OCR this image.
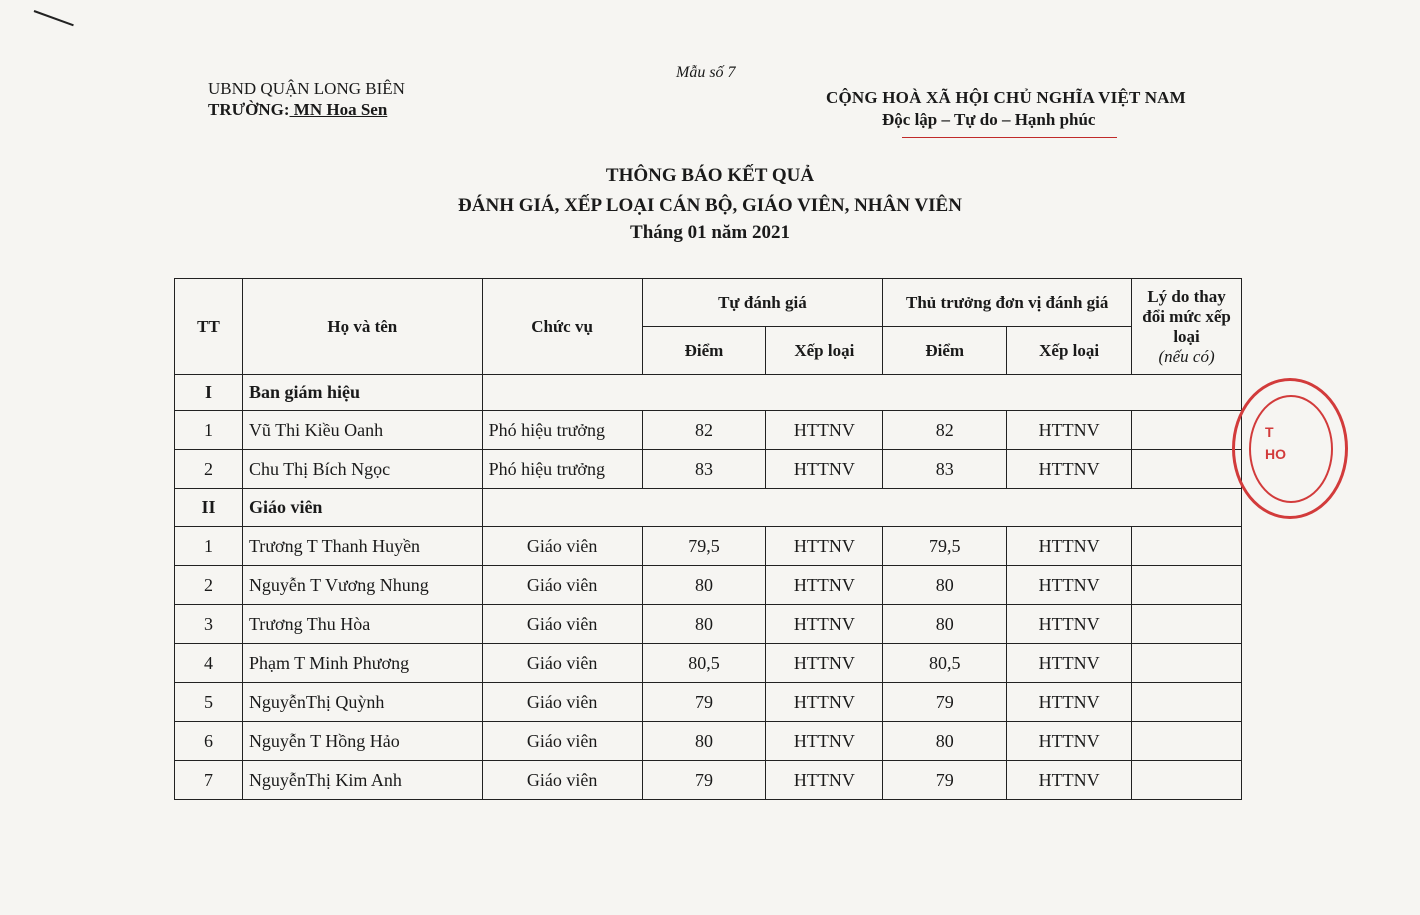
Mẫu số 7
UBND QUẬN LONG BIÊN
TRƯỜNG: MN Hoa Sen
CỘNG HOÀ XÃ HỘI CHỦ NGHĨA VIỆT NAM
Độc lập – Tự do – Hạnh phúc
THÔNG BÁO KẾT QUẢ
ĐÁNH GIÁ, XẾP LOẠI CÁN BỘ, GIÁO VIÊN, NHÂN VIÊN
Tháng 01 năm 2021
TT	Họ và tên	Chức vụ	Tự đánh giá		Thủ trưởng đơn vị đánh giá		Lý do thay đổi mức xếp loại
(nếu có)
			Điểm	Xếp loại	Điểm	Xếp loại	
I	Ban giám hiệu						
1	Vũ Thi Kiều Oanh	Phó hiệu trưởng	82	HTTNV	82	HTTNV	
2	Chu Thị Bích Ngọc	Phó hiệu trưởng	83	HTTNV	83	HTTNV	
II	Giáo viên						
1	Trương T Thanh Huyền	Giáo viên	79,5	HTTNV	79,5	HTTNV	
2	Nguyễn T Vương Nhung	Giáo viên	80	HTTNV	80	HTTNV	
3	Trương Thu Hòa	Giáo viên	80	HTTNV	80	HTTNV	
4	Phạm T Minh Phương	Giáo viên	80,5	HTTNV	80,5	HTTNV	
5	NguyễnThị Quỳnh	Giáo viên	79	HTTNV	79	HTTNV	
6	Nguyễn T Hồng Hảo	Giáo viên	80	HTTNV	80	HTTNV	
7	NguyễnThị Kim Anh	Giáo viên	79	HTTNV	79	HTTNV	
T
HO
